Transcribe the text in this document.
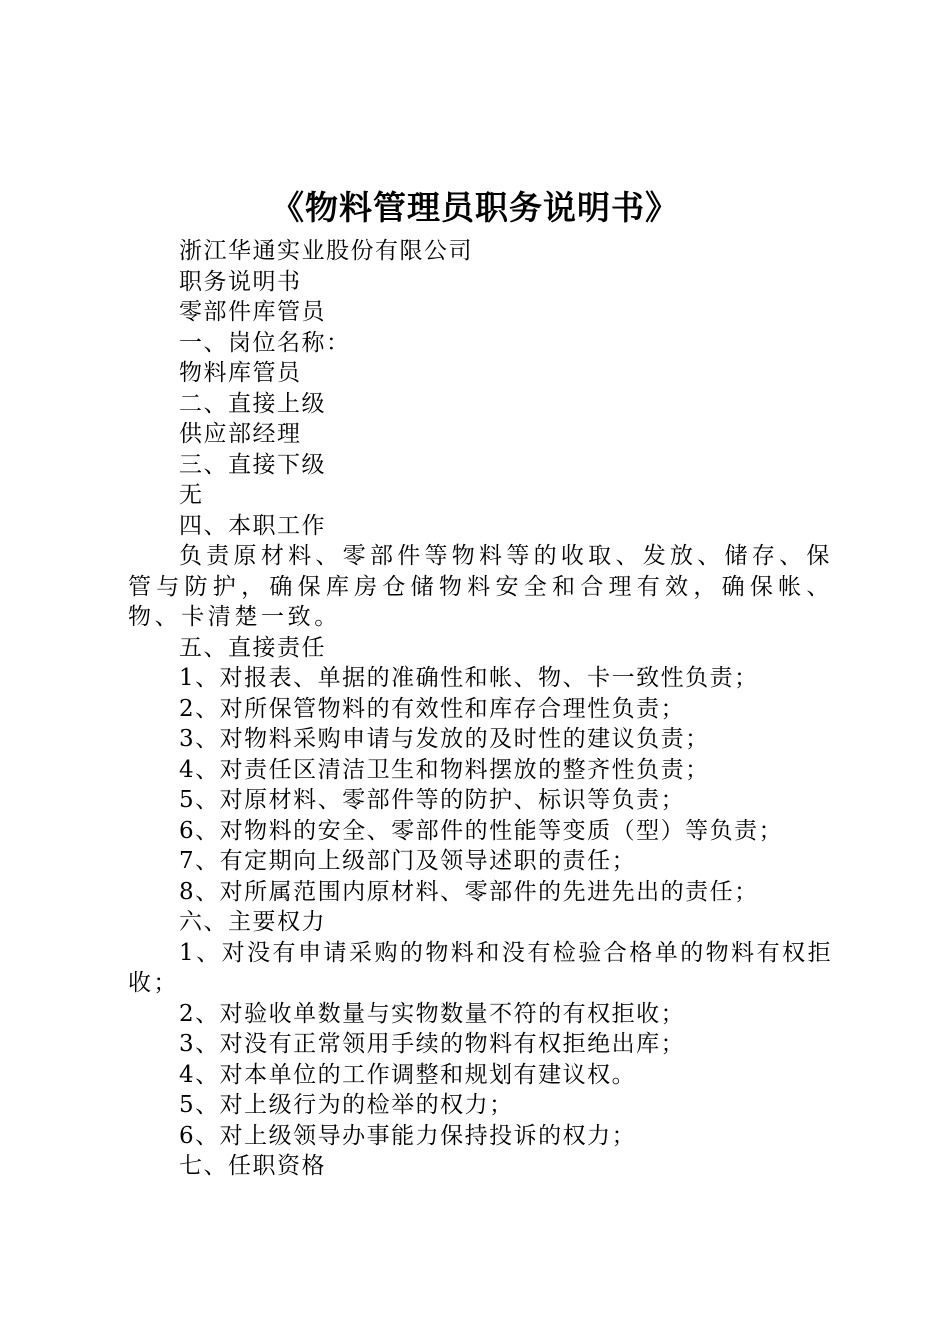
《物料管理员职务说明书》

浙江华通实业股份有限公司

职务说明书

零部件库管员

一、岗位名称：

物料库管员

二、直接上级

供应部经理

三、直接下级

无

四、本职工作

负责原材料、零部件等物料等的收取、发放、储存、保管与防护，确保库房仓储物料安全和合理有效，确保帐、物、卡清楚一致。

五、直接责任

1、对报表、单据的准确性和帐、物、卡一致性负责；

2、对所保管物料的有效性和库存合理性负责；

3、对物料采购申请与发放的及时性的建议负责；

4、对责任区清洁卫生和物料摆放的整齐性负责；

5、对原材料、零部件等的防护、标识等负责；

6、对物料的安全、零部件的性能等变质（型）等负责；

7、有定期向上级部门及领导述职的责任；

8、对所属范围内原材料、零部件的先进先出的责任；

六、主要权力

1、对没有申请采购的物料和没有检验合格单的物料有权拒收；

2、对验收单数量与实物数量不符的有权拒收；

3、对没有正常领用手续的物料有权拒绝出库；

4、对本单位的工作调整和规划有建议权。

5、对上级行为的检举的权力；

6、对上级领导办事能力保持投诉的权力；

七、任职资格
